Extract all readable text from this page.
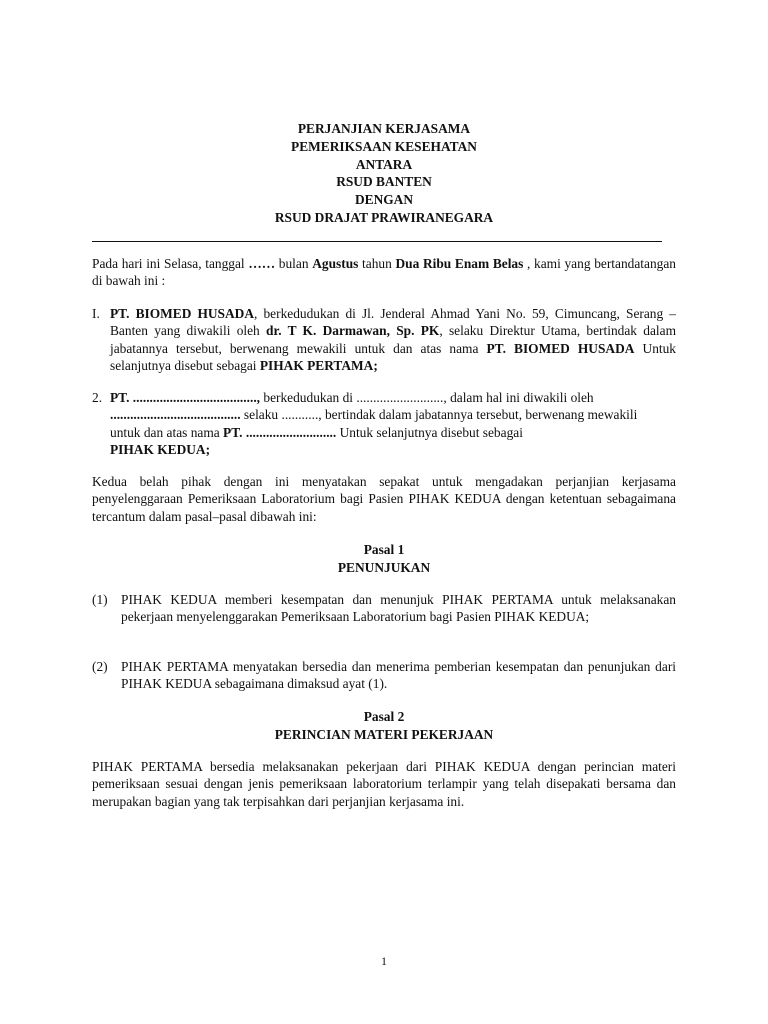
PERJANJIAN KERJASAMA
PEMERIKSAAN KESEHATAN
ANTARA
RSUD BANTEN
DENGAN
RSUD DRAJAT PRAWIRANEGARA
Pada hari ini Selasa, tanggal …… bulan Agustus tahun Dua Ribu Enam Belas , kami yang bertandatangan di bawah ini :
I. PT. BIOMED HUSADA, berkedudukan di Jl. Jenderal Ahmad Yani No. 59, Cimuncang, Serang – Banten yang diwakili oleh dr. T K. Darmawan, Sp. PK, selaku Direktur Utama, bertindak dalam jabatannya tersebut, berwenang mewakili untuk dan atas nama PT. BIOMED HUSADA Untuk selanjutnya disebut sebagai PIHAK PERTAMA;
2. PT. ....................................., berkedudukan di .........................., dalam hal ini diwakili oleh ....................................... selaku ..........., bertindak dalam jabatannya tersebut, berwenang mewakili untuk dan atas nama PT. ........................... Untuk selanjutnya disebut sebagai
PIHAK KEDUA;
Kedua belah pihak dengan ini menyatakan sepakat untuk mengadakan perjanjian kerjasama penyelenggaraan Pemeriksaan Laboratorium bagi Pasien PIHAK KEDUA dengan ketentuan sebagaimana tercantum dalam pasal–pasal dibawah ini:
Pasal 1
PENUNJUKAN
(1) PIHAK KEDUA memberi kesempatan dan menunjuk PIHAK PERTAMA untuk melaksanakan pekerjaan menyelenggarakan Pemeriksaan Laboratorium bagi Pasien PIHAK KEDUA;
(2) PIHAK PERTAMA menyatakan bersedia dan menerima pemberian kesempatan dan penunjukan dari PIHAK KEDUA sebagaimana dimaksud ayat (1).
Pasal 2
PERINCIAN MATERI PEKERJAAN
PIHAK PERTAMA bersedia melaksanakan pekerjaan dari PIHAK KEDUA dengan perincian materi pemeriksaan sesuai dengan jenis pemeriksaan laboratorium terlampir yang telah disepakati bersama dan merupakan bagian yang tak terpisahkan dari perjanjian kerjasama ini.
1
